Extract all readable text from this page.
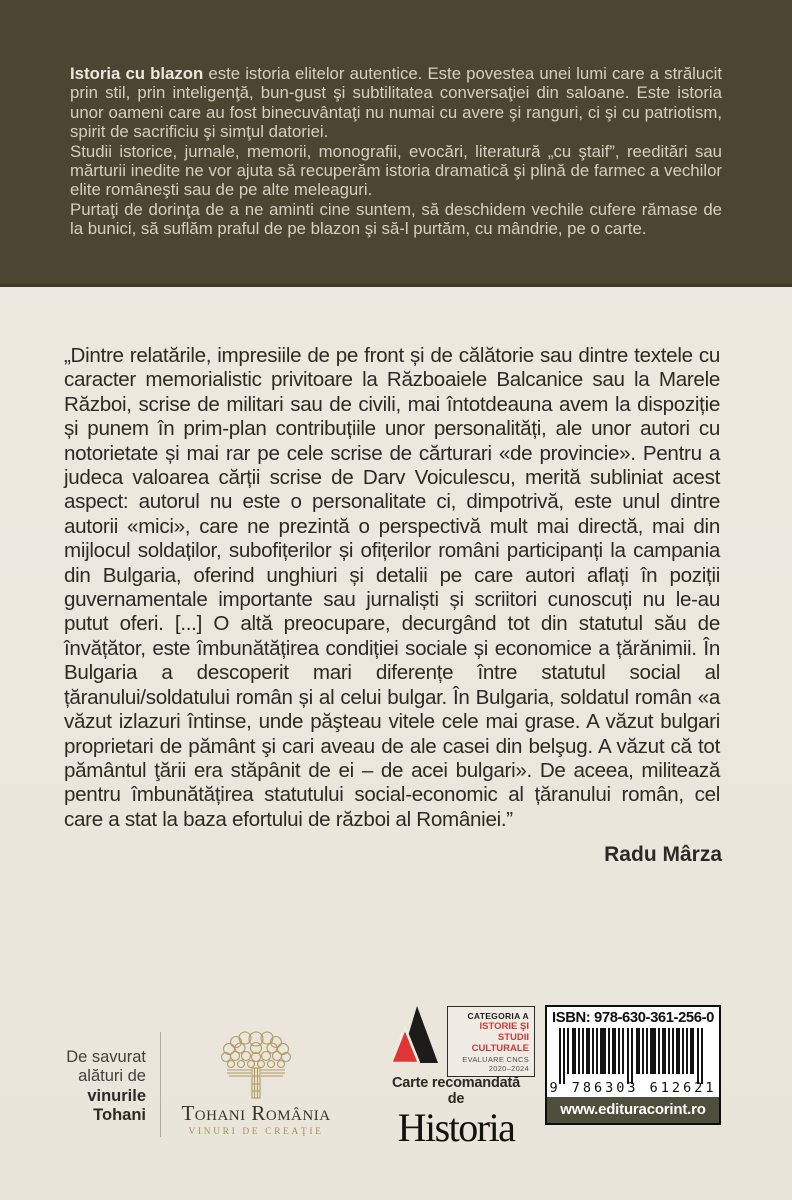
Istoria cu blazon este istoria elitelor autentice. Este povestea unei lumi care a strălucit prin stil, prin inteligenţă, bun-gust şi subtilitatea conversaţiei din saloane. Este istoria unor oameni care au fost binecuvântaţi nu numai cu avere şi ranguri, ci şi cu patriotism, spirit de sacrificiu şi simţul datoriei.

Studii istorice, jurnale, memorii, monografii, evocări, literatură „cu ştaif”, reeditări sau mărturii inedite ne vor ajuta să recuperăm istoria dramatică şi plină de farmec a vechilor elite româneşti sau de pe alte meleaguri.

Purtaţi de dorinţa de a ne aminti cine suntem, să deschidem vechile cufere rămase de la bunici, să suflăm praful de pe blazon şi să-l purtăm, cu mândrie, pe o carte.

„Dintre relatările, impresiile de pe front și de călătorie sau dintre textele cu caracter memorialistic privitoare la Războaiele Balcanice sau la Marele Război, scrise de militari sau de civili, mai întotdeauna avem la dispoziție și punem în prim-plan contribuțiile unor personalități, ale unor autori cu notorietate și mai rar pe cele scrise de cărturari «de provincie». Pentru a judeca valoarea cărții scrise de Darv Voiculescu, merită subliniat acest aspect: autorul nu este o personalitate ci, dimpotrivă, este unul dintre autorii «mici», care ne prezintă o perspectivă mult mai directă, mai din mijlocul soldaților, subofițerilor și ofițerilor români participanți la campania din Bulgaria, oferind unghiuri și detalii pe care autori aflați în poziții guvernamentale importante sau jurnaliști și scriitori cunoscuți nu le-au putut oferi. [...] O altă preocupare, decurgând tot din statutul său de învățător, este îmbunătățirea condiției sociale și economice a țărănimii. În Bulgaria a descoperit mari diferențe între statutul social al țăranului/soldatului român și al celui bulgar. În Bulgaria, soldatul român «a văzut izlazuri întinse, unde păşteau vitele cele mai grase. A văzut bulgari proprietari de pământ şi cari aveau de ale casei din belşug. A văzut că tot pământul ţării era stăpânit de ei – de acei bulgari». De aceea, militează pentru îmbunătățirea statutului social-economic al țăranului român, cel care a stat la baza efortului de război al României.”
Radu Mârza
De savurat
alături de
vinurile
Tohani	Tohani România
VINURI DE CREAŢIE
CATEGORIA A
ISTORIE ŞI STUDII
CULTURALE
EVALUARE CNCS
2020–2024
Carte recomandată de
Historia
ISBN: 978-630-361-256-0
9 786303 612621
www.edituracorint.ro
